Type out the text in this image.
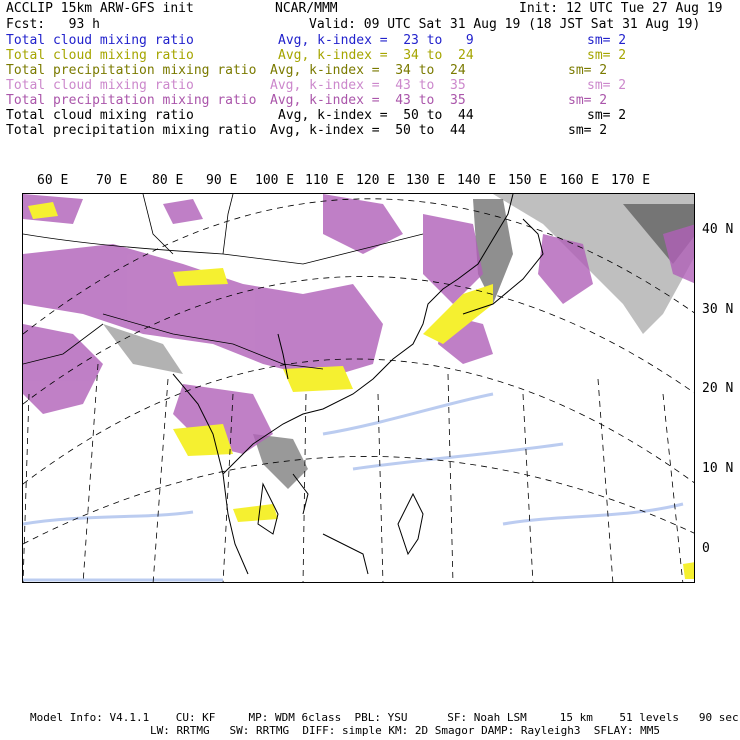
ACCLIP 15km ARW-GFS init	NCAR/MMM	Init: 12 UTC Tue 27 Aug 19
Fcst:   93 h	Valid: 09 UTC Sat 31 Aug 19 (18 JST Sat 31 Aug 19)
Total cloud mixing ratio	Avg, k-index =  23 to   9	sm= 2
Total cloud mixing ratio	Avg, k-index =  34 to  24	sm= 2
Total precipitation mixing ratio Avg, k-index =  34 to  24	sm= 2
Total cloud mixing ratio	Avg, k-index =  43 to  35	sm= 2
Total precipitation mixing ratio Avg, k-index =  43 to  35	sm= 2
Total cloud mixing ratio	Avg, k-index =  50 to  44	sm= 2
Total precipitation mixing ratio Avg, k-index =  50 to  44	sm= 2
60 E 70 E 80 E 90 E 100 E 110 E 120 E 130 E 140 E 150 E 160 E 170 E
40 N
30 N
20 N
10 N
0
Model Info: V4.1.1    CU: KF     MP: WDM 6class  PBL: YSU      SF: Noah LSM     15 km    51 levels   90 sec
LW: RRTMG   SW: RRTMG  DIFF: simple KM: 2D Smagor DAMP: Rayleigh3  SFLAY: MM5
